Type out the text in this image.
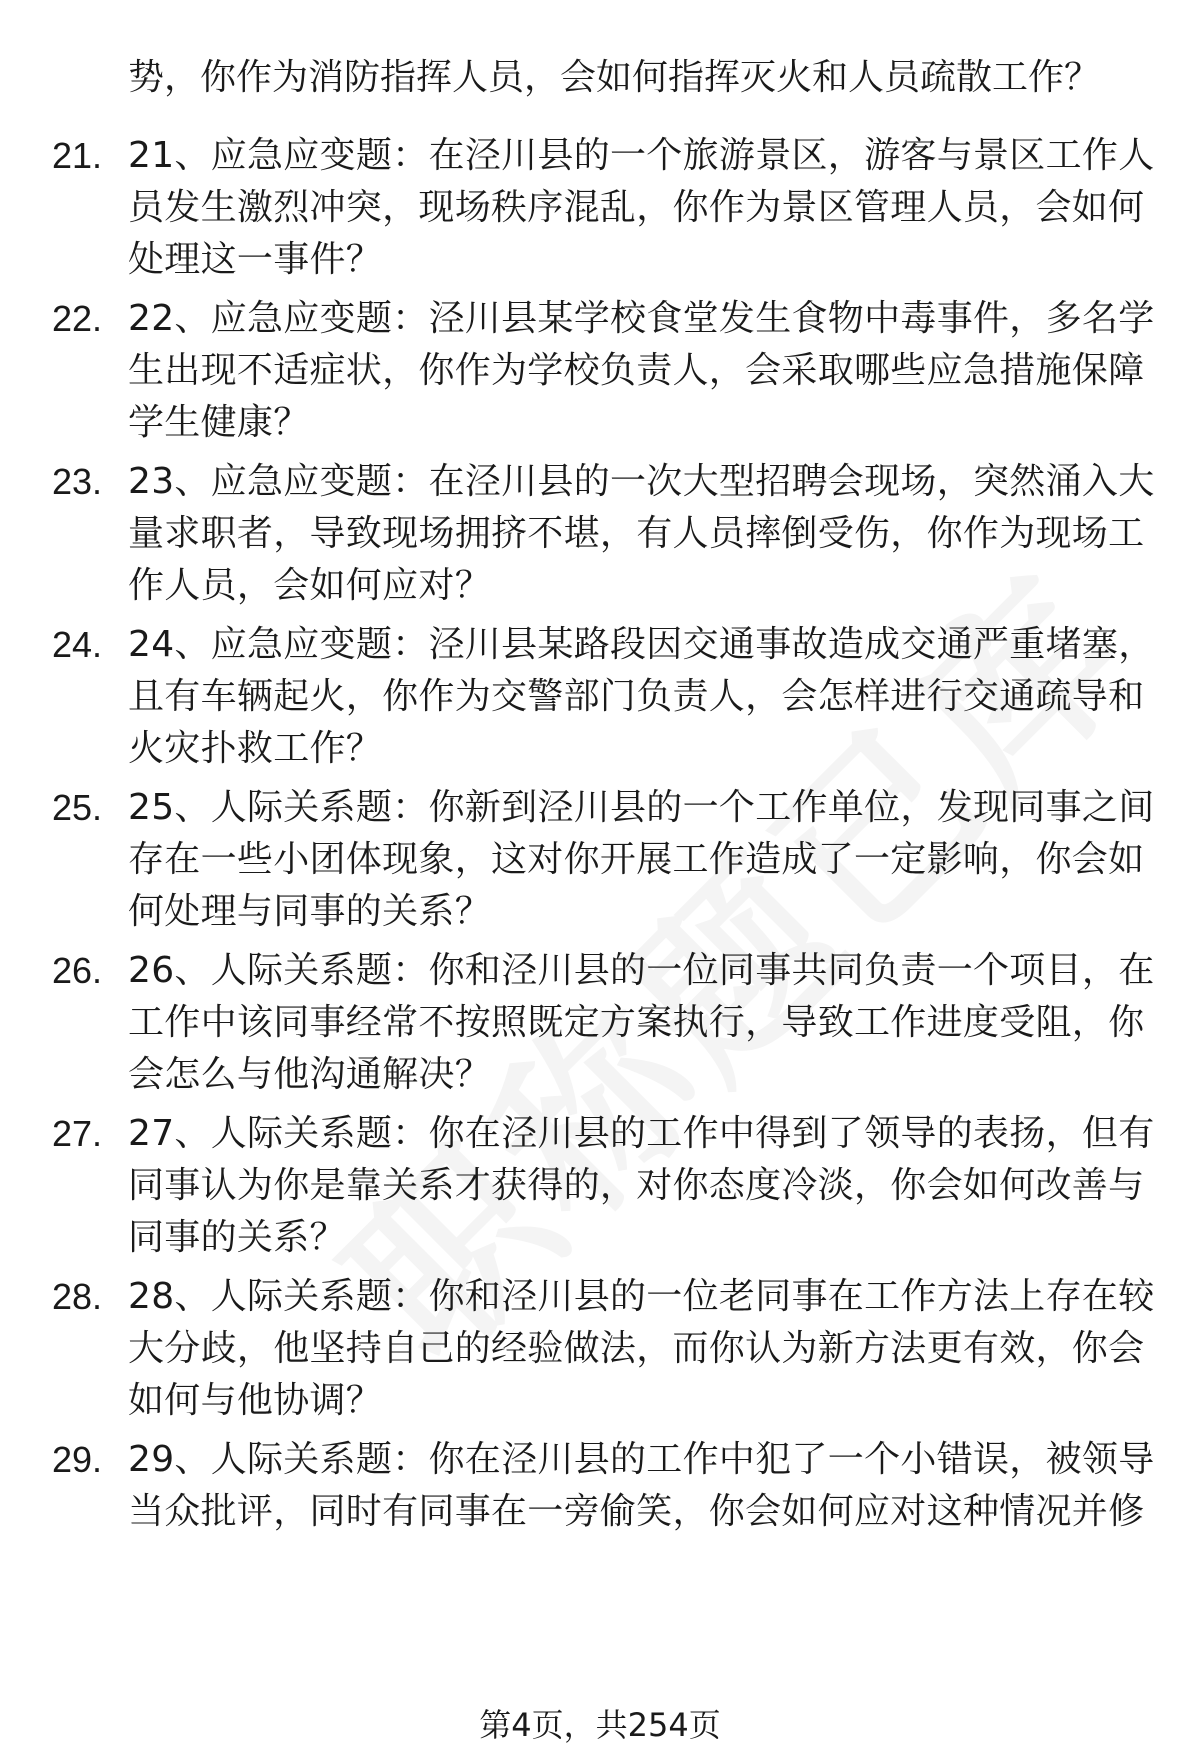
势，你作为消防指挥人员，会如何指挥灭火和人员疏散工作？
21. 21、应急应变题：在泾川县的一个旅游景区，游客与景区工作人员发生激烈冲突，现场秩序混乱，你作为景区管理人员，会如何处理这一事件？
22. 22、应急应变题：泾川县某学校食堂发生食物中毒事件，多名学生出现不适症状，你作为学校负责人，会采取哪些应急措施保障学生健康？
23. 23、应急应变题：在泾川县的一次大型招聘会现场，突然涌入大量求职者，导致现场拥挤不堪，有人员摔倒受伤，你作为现场工作人员，会如何应对？
24. 24、应急应变题：泾川县某路段因交通事故造成交通严重堵塞，且有车辆起火，你作为交警部门负责人，会怎样进行交通疏导和火灾扑救工作？
25. 25、人际关系题：你新到泾川县的一个工作单位，发现同事之间存在一些小团体现象，这对你开展工作造成了一定影响，你会如何处理与同事的关系？
26. 26、人际关系题：你和泾川县的一位同事共同负责一个项目，在工作中该同事经常不按照既定方案执行，导致工作进度受阻，你会怎么与他沟通解决？
27. 27、人际关系题：你在泾川县的工作中得到了领导的表扬，但有同事认为你是靠关系才获得的，对你态度冷淡，你会如何改善与同事的关系？
28. 28、人际关系题：你和泾川县的一位老同事在工作方法上存在较大分歧，他坚持自己的经验做法，而你认为新方法更有效，你会如何与他协调？
29. 29、人际关系题：你在泾川县的工作中犯了一个小错误，被领导当众批评，同时有同事在一旁偷笑，你会如何应对这种情况并修
第4页，共254页
